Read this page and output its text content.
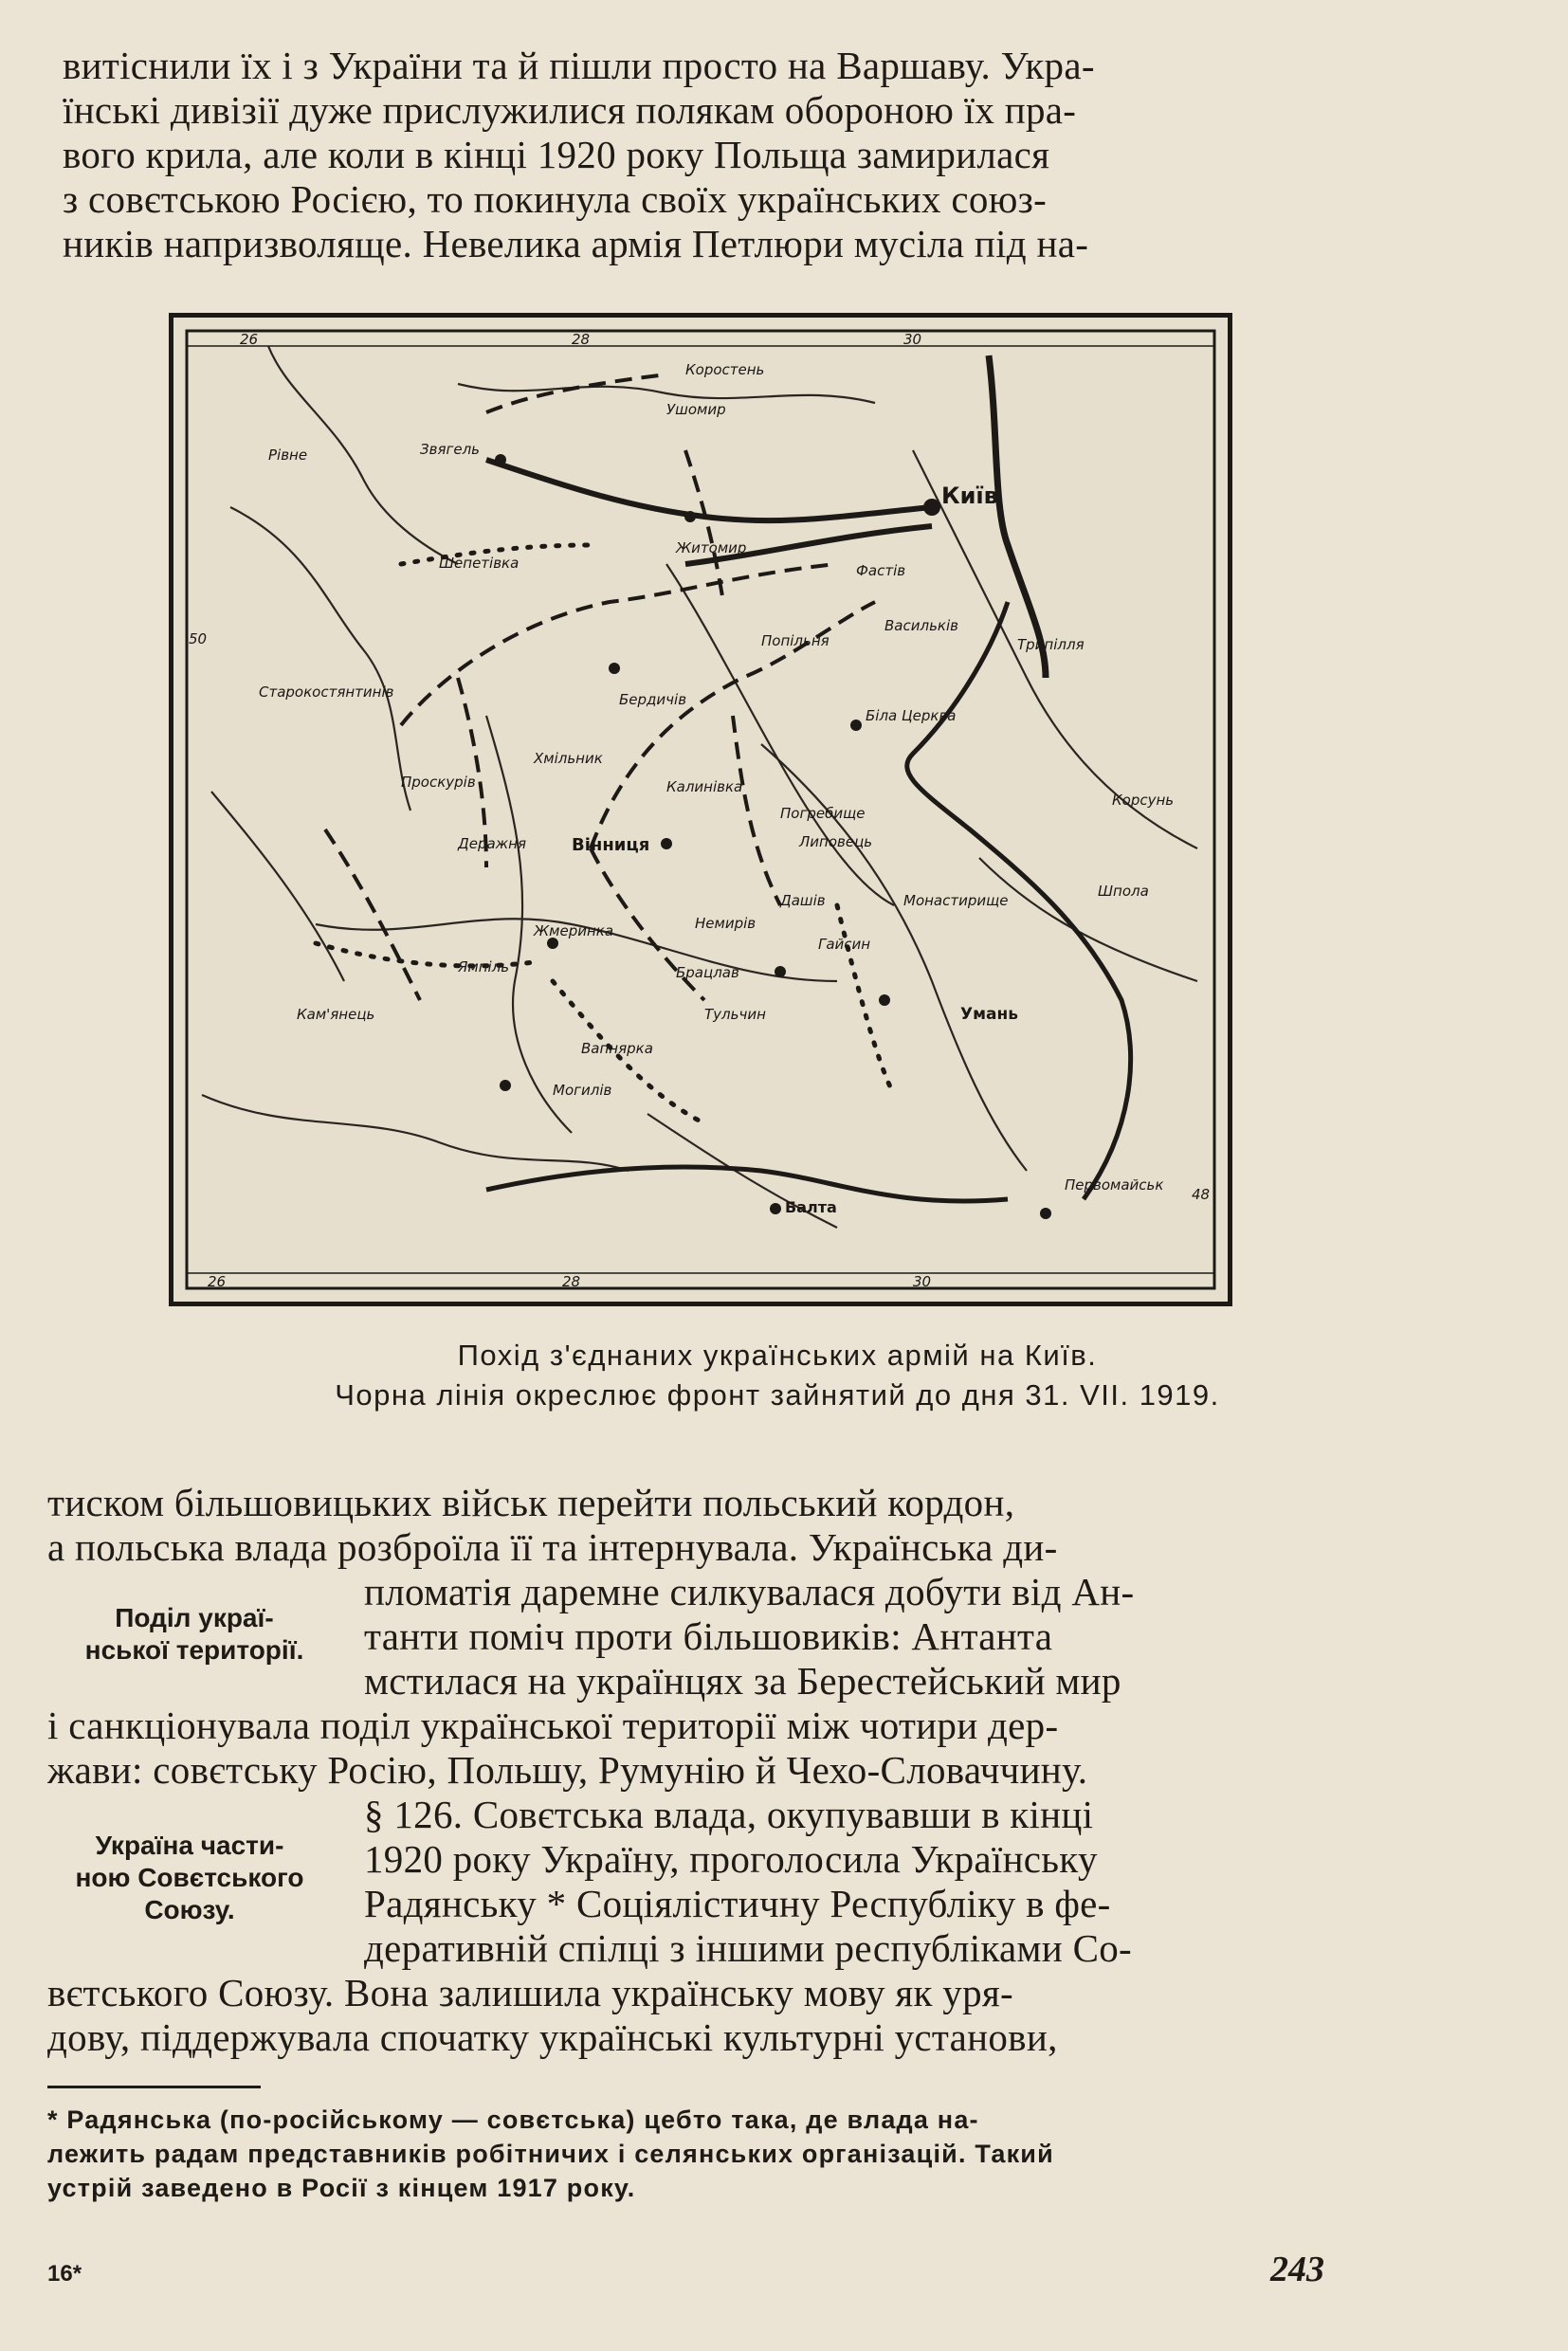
витіснили їх і з України та й пішли просто на Варшаву. Укра-
їнські дивізії дуже прислужилися полякам обороною їх пра-
вого крила, але коли в кінці 1920 року Польща замирилася
з совєтською Росією, то покинула своїх українських союз-
ників напризволяще. Невелика армія Петлюри мусіла під на-
26	28	30
26	28	30
50
48
Коростень
Ушомир
Звягель
Рівне
Київ
Житомир
Шепетівка	Фастів
Васильків
Трипілля
Попільня
Бердичів
Біла Церква
Старокостянтинів
Хмільник
Проскурів	Калинівка
Погребище
Липовець
Корсунь
Деражня	Вінниця
Жмеринка	Немирів
Дашів	Монастирище
Шпола
Гайсин
Ямпіль	Брацлав
Кам'янець	Тульчин	Умань
Вапнярка
Могилів
Балта
Первомайськ
Похід з'єднаних українських армій на Київ.
Чорна лінія окреслює фронт зайнятий до дня 31. VII. 1919.
тиском більшовицьких військ перейти польський кордон,
а польська влада розброїла її та інтернувала. Українська ди-
пломатія даремне силкувалася добути від Ан-
танти поміч проти більшовиків: Антанта
мстилася на українцях за Берестейський мир
і санкціонувала поділ української території між чотири дер-
жави: совєтську Росію, Польшу, Румунію й Чехо-Словаччину.
§ 126. Совєтська влада, окупувавши в кінці
1920 року Україну, проголосила Українську
Радянську * Соціялістичну Республіку в фе-
деративній спілці з іншими республіками Со-
вєтського Союзу. Вона залишила українську мову як уря-
дову, піддержувала спочатку українські культурні установи,
Поділ украї-
нської території.
Україна части-
ною Совєтського
Союзу.
* Радянська (по-російському — совєтська) цебто така, де влада на-
лежить радам представників робітничих і селянських організацій. Такий
устрій заведено в Росії з кінцем 1917 року.
16*	243
